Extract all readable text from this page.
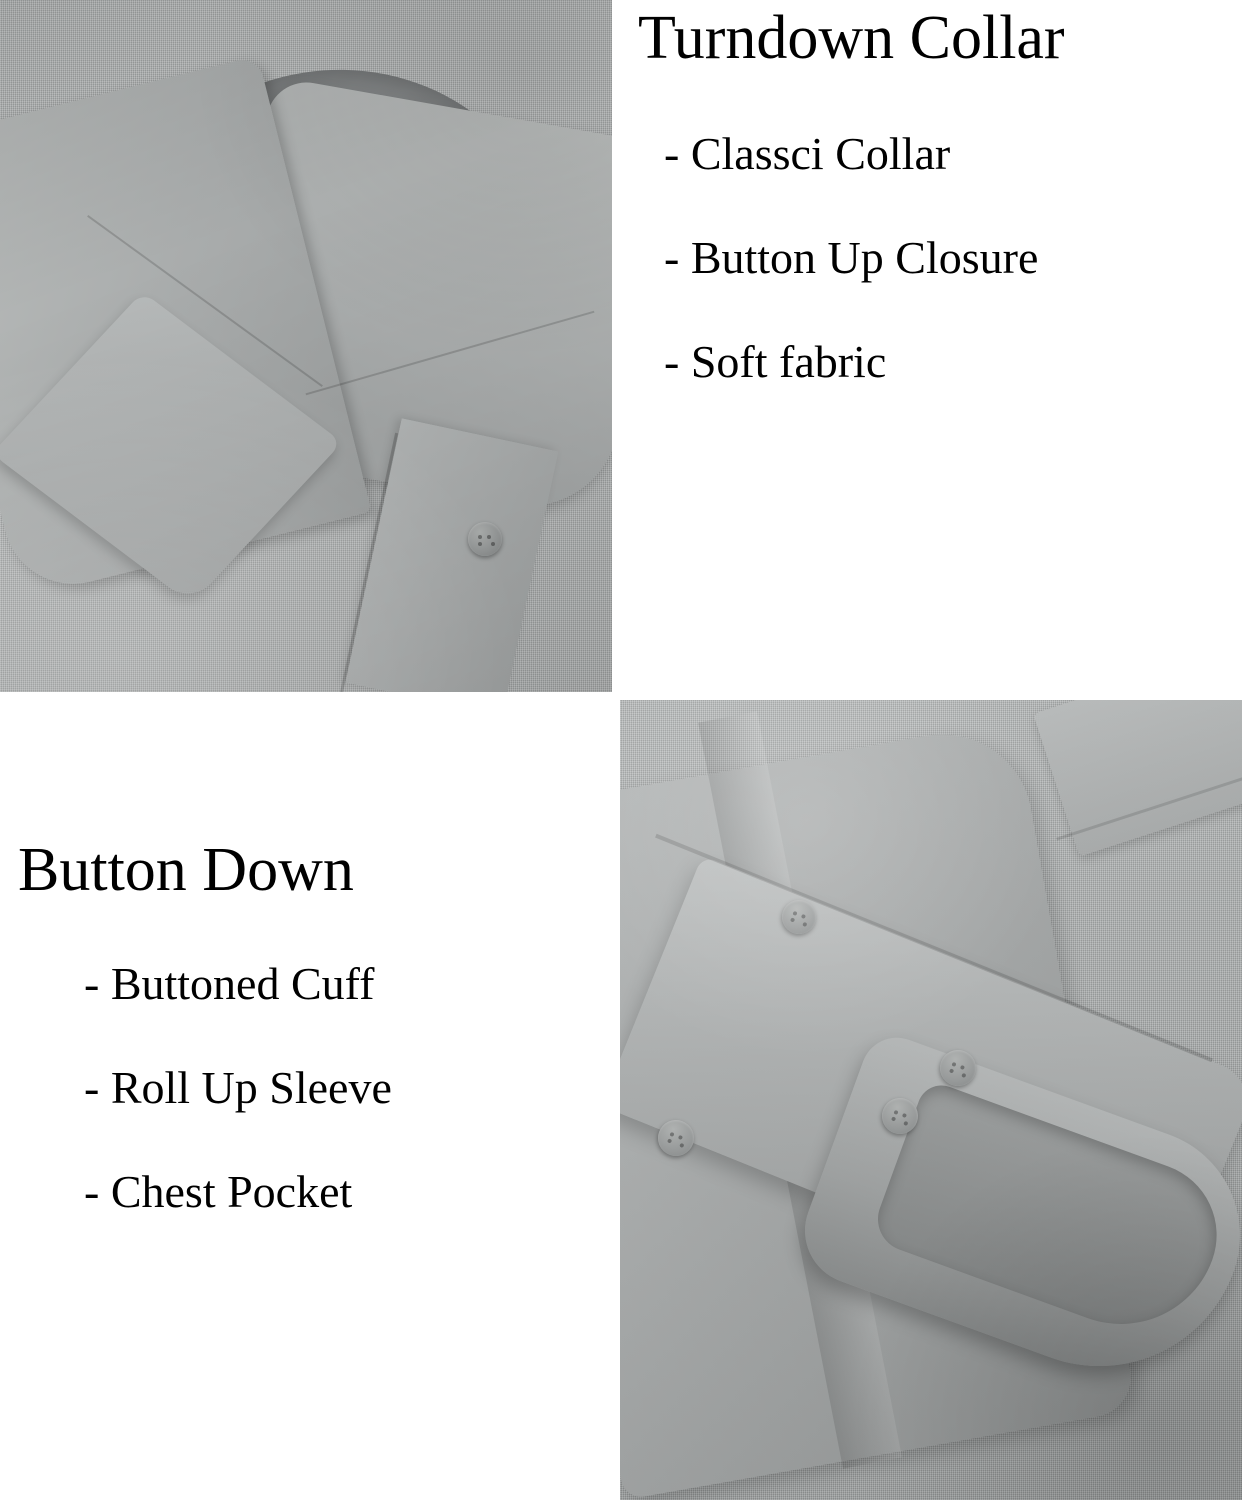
Turndown Collar
- Classci Collar
- Button Up Closure
- Soft fabric
Button Down
- Buttoned Cuff
- Roll Up Sleeve
- Chest Pocket
